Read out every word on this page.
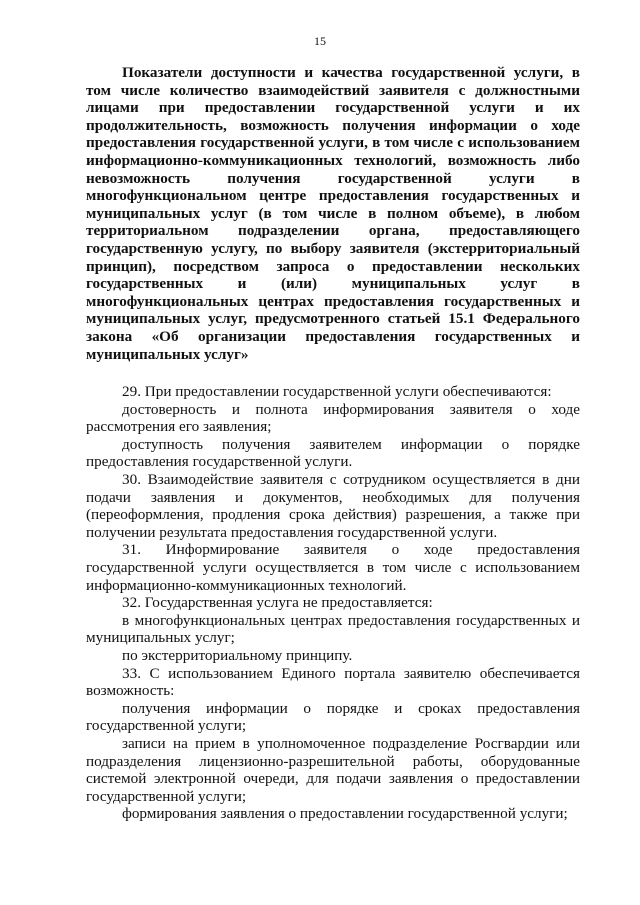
15

Показатели доступности и качества государственной услуги, в том числе количество взаимодействий заявителя с должностными лицами при предоставлении государственной услуги и их продолжительность, возможность получения информации о ходе предоставления государственной услуги, в том числе с использованием информационно-коммуникационных технологий, возможность либо невозможность получения государственной услуги в многофункциональном центре предоставления государственных и муниципальных услуг (в том числе в полном объеме), в любом территориальном подразделении органа, предоставляющего государственную услугу, по выбору заявителя (экстерриториальный принцип), посредством запроса о предоставлении нескольких государственных и (или) муниципальных услуг в многофункциональных центрах предоставления государственных и муниципальных услуг, предусмотренного статьей 15.1 Федерального закона «Об организации предоставления государственных и муниципальных услуг»

29. При предоставлении государственной услуги обеспечиваются:

достоверность и полнота информирования заявителя о ходе рассмотрения его заявления;

доступность получения заявителем информации о порядке предоставления государственной услуги.

30. Взаимодействие заявителя с сотрудником осуществляется в дни подачи заявления и документов, необходимых для получения (переоформления, продления срока действия) разрешения, а также при получении результата предоставления государственной услуги.

31. Информирование заявителя о ходе предоставления государственной услуги осуществляется в том числе с использованием информационно-коммуникационных технологий.

32. Государственная услуга не предоставляется:

в многофункциональных центрах предоставления государственных и муниципальных услуг;

по экстерриториальному принципу.

33. С использованием Единого портала заявителю обеспечивается возможность:

получения информации о порядке и сроках предоставления государственной услуги;

записи на прием в уполномоченное подразделение Росгвардии или подразделения лицензионно-разрешительной работы, оборудованные системой электронной очереди, для подачи заявления о предоставлении государственной услуги;

формирования заявления о предоставлении государственной услуги;
